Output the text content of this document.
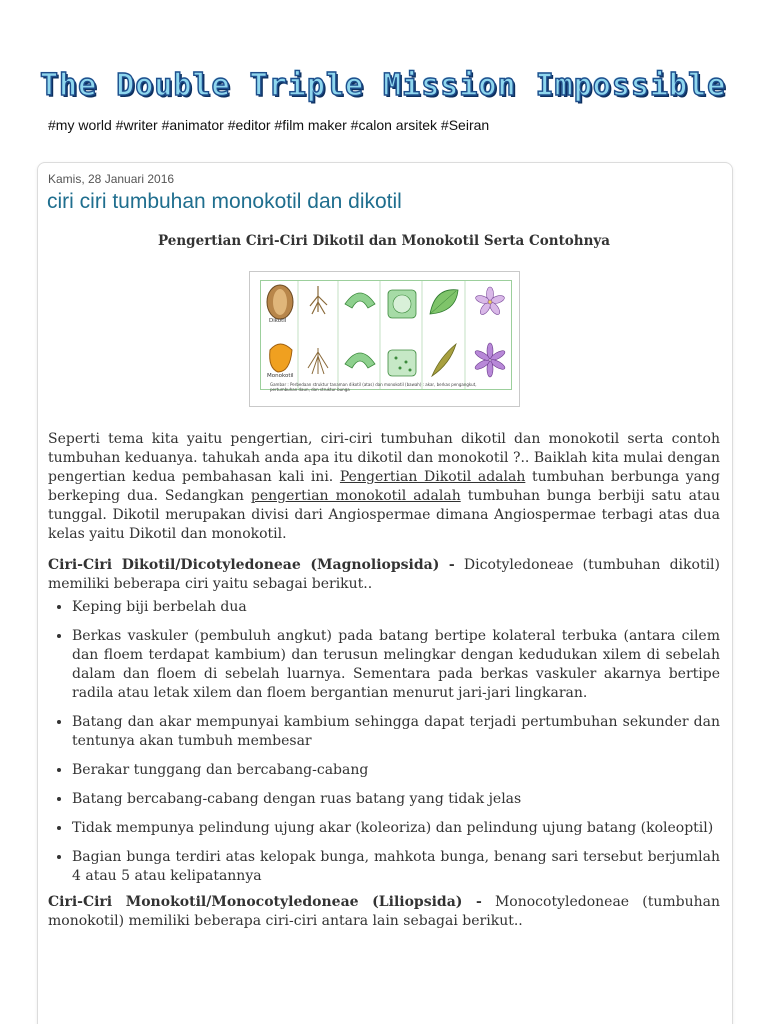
The Double Triple Mission Impossible
#my world #writer #animator #editor #film maker #calon arsitek #Seiran
Kamis, 28 Januari 2016
ciri ciri tumbuhan monokotil dan dikotil
Pengertian Ciri-Ciri Dikotil dan Monokotil Serta Contohnya
Dikotil
Monokotil
Gambar : Perbedaan struktur tanaman dikotil (atas) dan monokotil (bawah) : akar, berkas pengangkut, pertumbuhan daun, dan struktur bunga

Seperti tema kita yaitu pengertian, ciri-ciri tumbuhan dikotil dan monokotil serta contoh tumbuhan keduanya. tahukah anda apa itu dikotil dan monokotil ?.. Baiklah kita mulai dengan pengertian kedua pembahasan kali ini. Pengertian Dikotil adalah tumbuhan berbunga yang berkeping dua. Sedangkan pengertian monokotil adalah tumbuhan bunga berbiji satu atau tunggal. Dikotil merupakan divisi dari Angiospermae dimana Angiospermae terbagi atas dua kelas yaitu Dikotil dan monokotil.

Ciri-Ciri Dikotil/Dicotyledoneae (Magnoliopsida) - Dicotyledoneae (tumbuhan dikotil) memiliki beberapa ciri yaitu sebagai berikut..

• Keping biji berbelah dua
• Berkas vaskuler (pembuluh angkut) pada batang bertipe kolateral terbuka (antara cilem dan floem terdapat kambium) dan terusun melingkar dengan kedudukan xilem di sebelah dalam dan floem di sebelah luarnya. Sementara pada berkas vaskuler akarnya bertipe radila atau letak xilem dan floem bergantian menurut jari-jari lingkaran.
• Batang dan akar mempunyai kambium sehingga dapat terjadi pertumbuhan sekunder dan tentunya akan tumbuh membesar
• Berakar tunggang dan bercabang-cabang
• Batang bercabang-cabang dengan ruas batang yang tidak jelas
• Tidak mempunya pelindung ujung akar (koleoriza) dan pelindung ujung batang (koleoptil)
• Bagian bunga terdiri atas kelopak bunga, mahkota bunga, benang sari tersebut berjumlah 4 atau 5 atau kelipatannya

Ciri-Ciri Monokotil/Monocotyledoneae (Liliopsida) - Monocotyledoneae (tumbuhan monokotil) memiliki beberapa ciri-ciri antara lain sebagai berikut..
